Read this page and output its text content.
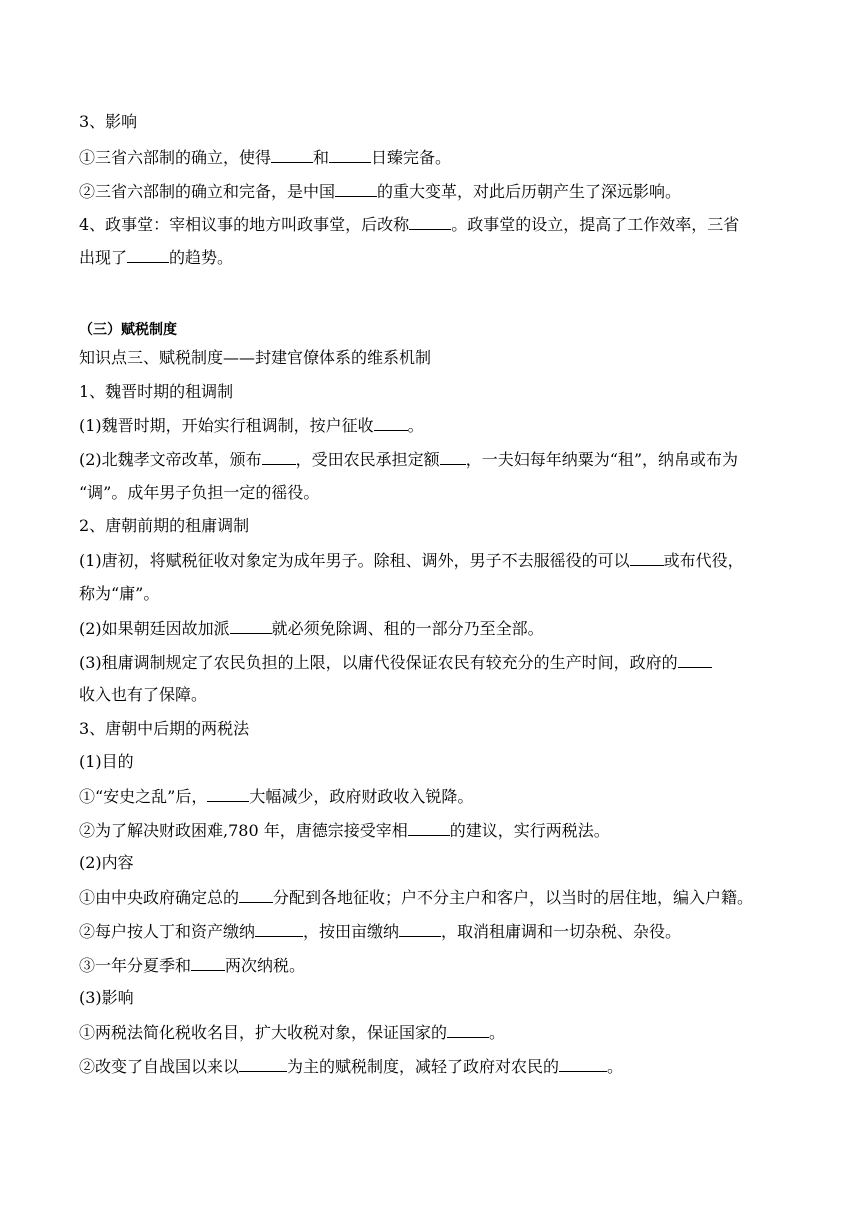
3、影响
①三省六部制的确立，使得	和	日臻完备。
②三省六部制的确立和完备，是中国	的重大变革，对此后历朝产生了深远影响。
4、政事堂：宰相议事的地方叫政事堂，后改称	。政事堂的设立，提高了工作效率，三省
出现了	的趋势。
（三）赋税制度
知识点三、赋税制度——封建官僚体系的维系机制
1、魏晋时期的租调制
(1)魏晋时期，开始实行租调制，按户征收 。
(2)北魏孝文帝改革，颁布 ，受田农民承担定额 ，一夫妇每年纳粟为“租”，纳帛或布为
“调”。成年男子负担一定的徭役。
2、唐朝前期的租庸调制
(1)唐初，将赋税征收对象定为成年男子。除租、调外，男子不去服徭役的可以 或布代役，
称为“庸”。
(2)如果朝廷因故加派	就必须免除调、租的一部分乃至全部。
(3)租庸调制规定了农民负担的上限，以庸代役保证农民有较充分的生产时间，政府的
收入也有了保障。
3、唐朝中后期的两税法
(1)目的
①“安史之乱”后，	大幅减少，政府财政收入锐降。
②为了解决财政困难,780 年，唐德宗接受宰相	的建议，实行两税法。
(2)内容
①由中央政府确定总的 分配到各地征收；户不分主户和客户，以当时的居住地，编入户籍。
②每户按人丁和资产缴纳	，按田亩缴纳	，取消租庸调和一切杂税、杂役。
③一年分夏季和 两次纳税。
(3)影响
①两税法简化税收名目，扩大收税对象，保证国家的	。
②改变了自战国以来以	为主的赋税制度，减轻了政府对农民的	。
